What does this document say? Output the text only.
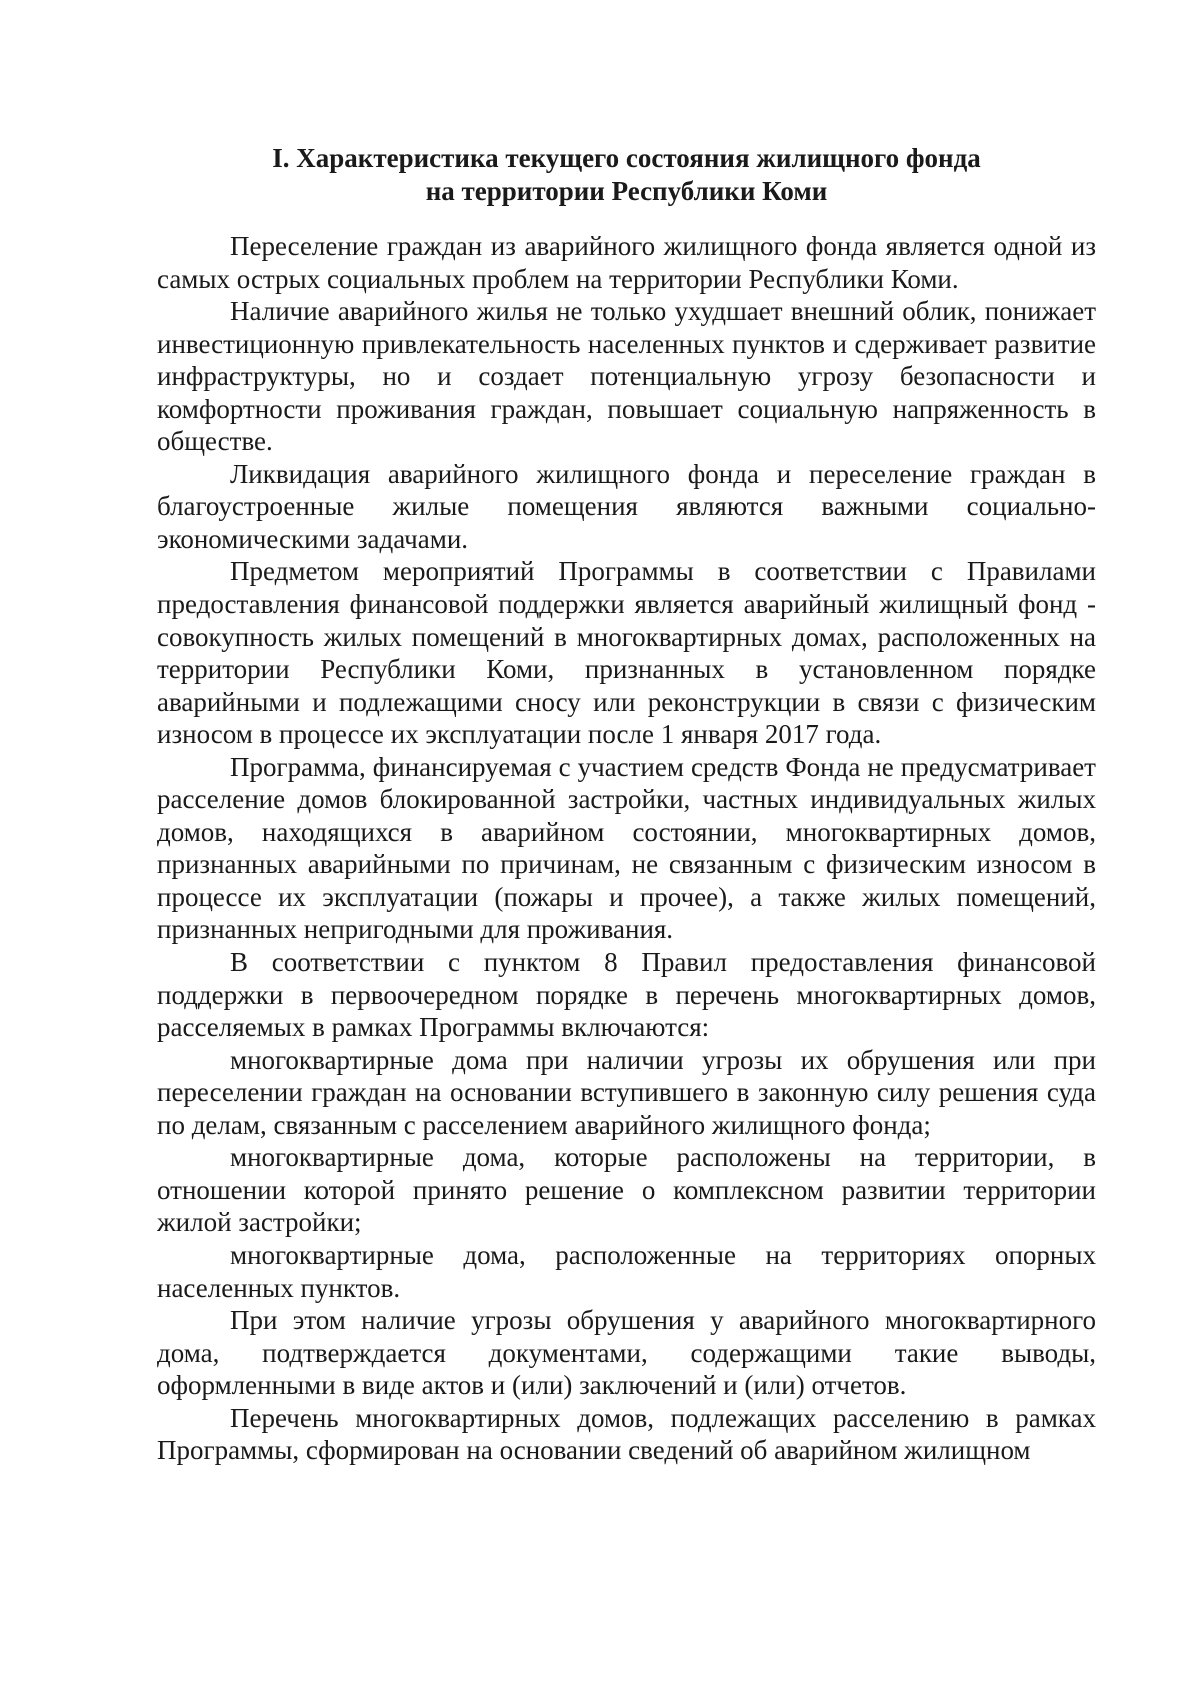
I. Характеристика текущего состояния жилищного фонда
на территории Республики Коми

Переселение граждан из аварийного жилищного фонда является одной из самых острых социальных проблем на территории Республики Коми.

Наличие аварийного жилья не только ухудшает внешний облик, понижает инвестиционную привлекательность населенных пунктов и сдерживает развитие инфраструктуры, но и создает потенциальную угрозу безопасности и комфортности проживания граждан, повышает социальную напряженность в обществе.

Ликвидация аварийного жилищного фонда и переселение граждан в благоустроенные жилые помещения являются важными социально-экономическими задачами.

Предметом мероприятий Программы в соответствии с Правилами предоставления финансовой поддержки является аварийный жилищный фонд - совокупность жилых помещений в многоквартирных домах, расположенных на территории Республики Коми, признанных в установленном порядке аварийными и подлежащими сносу или реконструкции в связи с физическим износом в процессе их эксплуатации после 1 января 2017 года.

Программа, финансируемая с участием средств Фонда не предусматривает расселение домов блокированной застройки, частных индивидуальных жилых домов, находящихся в аварийном состоянии, многоквартирных домов, признанных аварийными по причинам, не связанным с физическим износом в процессе их эксплуатации (пожары и прочее), а также жилых помещений, признанных непригодными для проживания.

В соответствии с пунктом 8 Правил предоставления финансовой поддержки в первоочередном порядке в перечень многоквартирных домов, расселяемых в рамках Программы включаются:

многоквартирные дома при наличии угрозы их обрушения или при переселении граждан на основании вступившего в законную силу решения суда по делам, связанным с расселением аварийного жилищного фонда;

многоквартирные дома, которые расположены на территории, в отношении которой принято решение о комплексном развитии территории жилой застройки;

многоквартирные дома, расположенные на территориях опорных населенных пунктов.

При этом наличие угрозы обрушения у аварийного многоквартирного дома, подтверждается документами, содержащими такие выводы, оформленными в виде актов и (или) заключений и (или) отчетов.

Перечень многоквартирных домов, подлежащих расселению в рамках Программы, сформирован на основании сведений об аварийном жилищном
